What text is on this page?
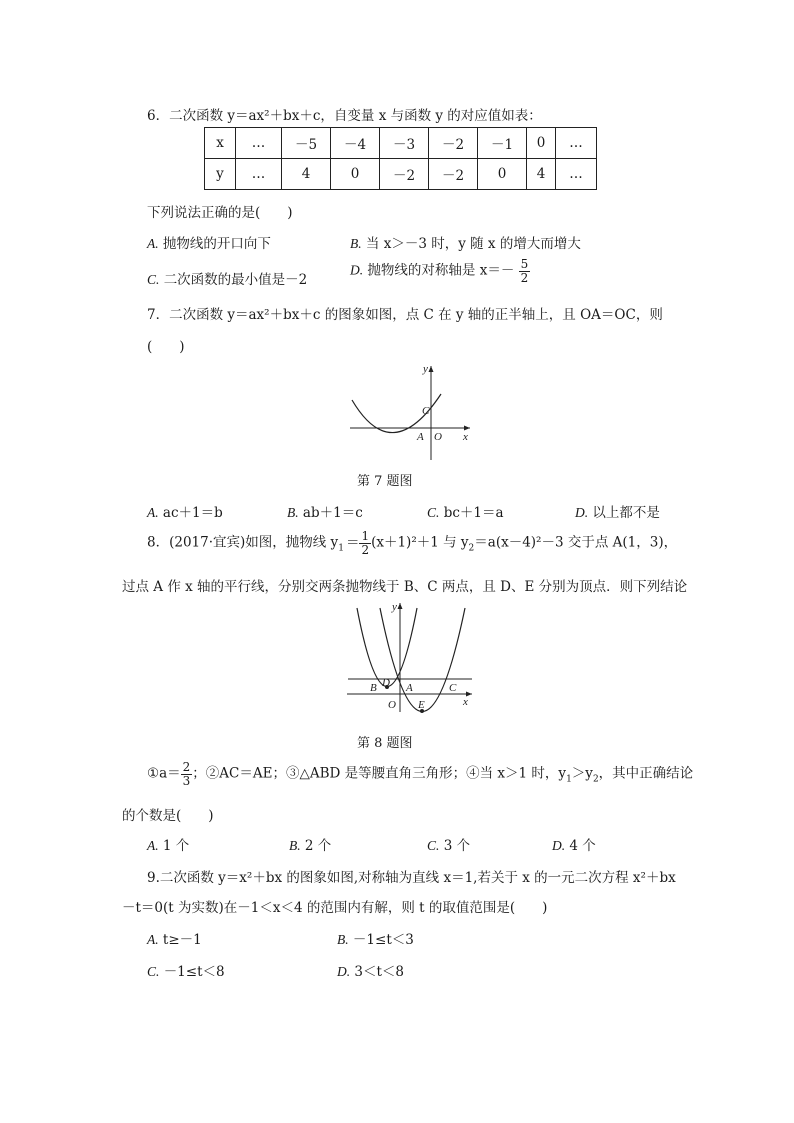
6．二次函数 y＝ax²＋bx＋c，自变量 x 与函数 y 的对应值如表：
x	…	－5	－4	－3	－2	－1	0	…
y	…	4	0	－2	－2	0	4	…
下列说法正确的是(　　)
A. 抛物线的开口向下	B. 当 x＞－3 时，y 随 x 的增大而增大
C. 二次函数的最小值是－2
D. 抛物线的对称轴是 $x=- \frac{5}{2}$
7．二次函数 y＝ax²＋bx＋c 的图象如图，点 C 在 y 轴的正半轴上，且 OA＝OC，则
(　　)
y
x
C
A O
第 7 题图
A. ac＋1＝b	B. ab＋1＝c	C. bc＋1＝a	D. 以上都不是
8．(2017·宜宾)如图，抛物线 $y_1 = \frac{1}{2} (x+1)^2+1$ 与 $y_2=a(x-4)^2-3$ 交于点 A(1，3)，
过点 A 作 x 轴的平行线，分别交两条抛物线于 B、C 两点，且 D、E 分别为顶点．则下列结论
y
x
B D A	C
O E
第 8 题图
①a＝ $\frac{2}{3}$ ；②AC＝AE；③△ABD 是等腰直角三角形；④当 x＞1 时，$y_1>y_2$，其中正确结论
的个数是(　　)
A. 1 个	B. 2 个	C. 3 个	D. 4 个
9.二次函数 y＝x²＋bx 的图象如图,对称轴为直线 x＝1,若关于 x 的一元二次方程 x²＋bx
－t＝0(t 为实数)在－1＜x＜4 的范围内有解，则 t 的取值范围是(　　)
A. t≥－1	B. －1≤t＜3
C. －1≤t＜8	D. 3＜t＜8
